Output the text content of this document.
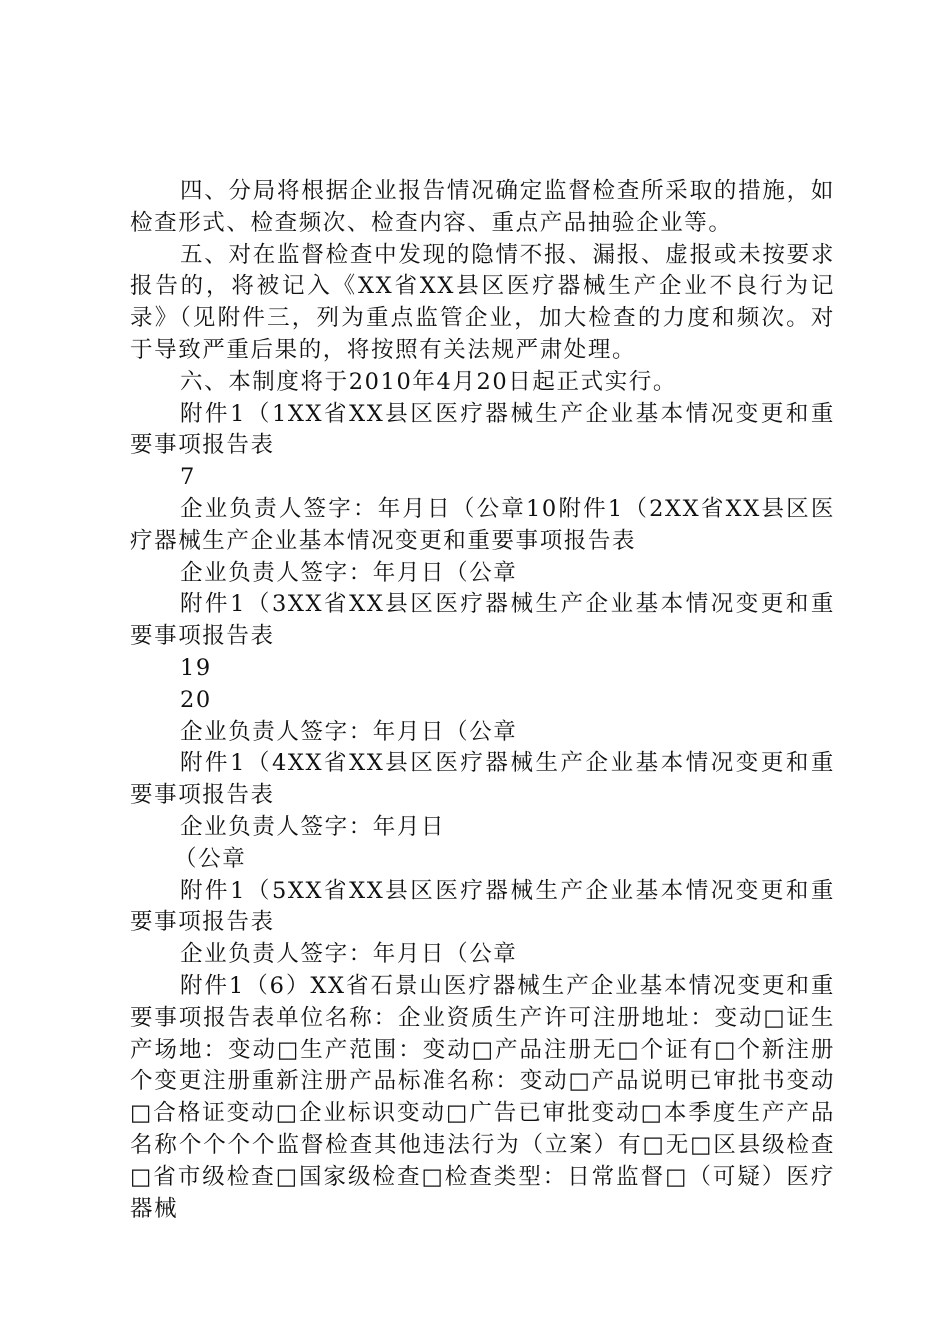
四、分局将根据企业报告情况确定监督检查所采取的措施，如检查形式、检查频次、检查内容、重点产品抽验企业等。

五、对在监督检查中发现的隐情不报、漏报、虚报或未按要求报告的，将被记入《XX省XX县区医疗器械生产企业不良行为记录》（见附件三，列为重点监管企业，加大检查的力度和频次。对于导致严重后果的，将按照有关法规严肃处理。

六、本制度将于2010年4月20日起正式实行。

附件1（1XX省XX县区医疗器械生产企业基本情况变更和重要事项报告表

7

企业负责人签字：年月日（公章10附件1（2XX省XX县区医疗器械生产企业基本情况变更和重要事项报告表

企业负责人签字：年月日（公章

附件1（3XX省XX县区医疗器械生产企业基本情况变更和重要事项报告表

19

20

企业负责人签字：年月日（公章

附件1（4XX省XX县区医疗器械生产企业基本情况变更和重要事项报告表

企业负责人签字：年月日

（公章

附件1（5XX省XX县区医疗器械生产企业基本情况变更和重要事项报告表

企业负责人签字：年月日（公章

附件1（6）XX省石景山医疗器械生产企业基本情况变更和重要事项报告表单位名称：企业资质生产许可注册地址：变动□证生产场地：变动□生产范围：变动□产品注册无□个证有□个新注册个变更注册重新注册产品标准名称：变动□产品说明已审批书变动□合格证变动□企业标识变动□广告已审批变动□本季度生产产品名称个个个个监督检查其他违法行为（立案）有□无□区县级检查□省市级检查□国家级检查□检查类型：日常监督□（可疑）医疗器械
